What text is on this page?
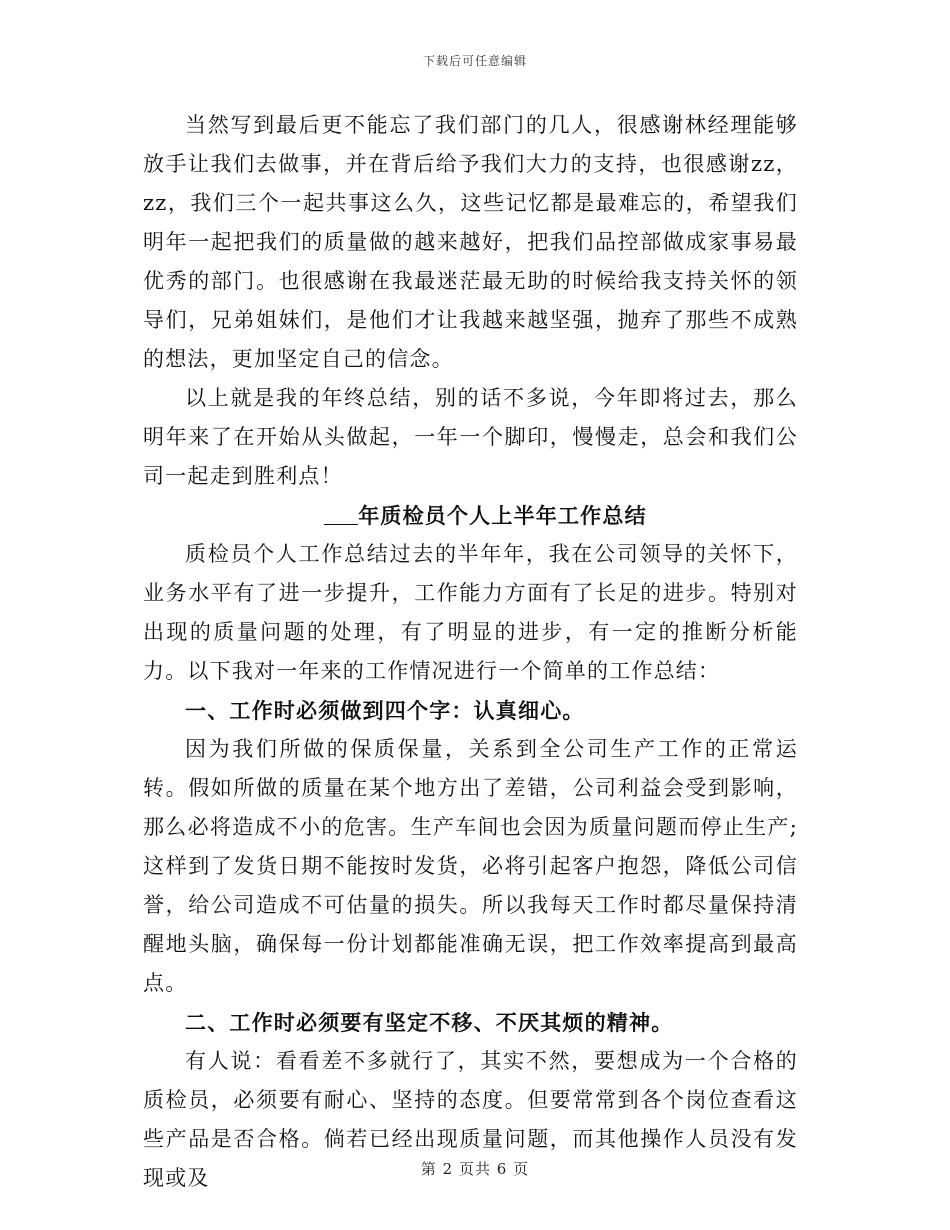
下载后可任意编辑

当然写到最后更不能忘了我们部门的几人，很感谢林经理能够放手让我们去做事，并在背后给予我们大力的支持，也很感谢zz，zz，我们三个一起共事这么久，这些记忆都是最难忘的，希望我们明年一起把我们的质量做的越来越好，把我们品控部做成家事易最优秀的部门。也很感谢在我最迷茫最无助的时候给我支持关怀的领导们，兄弟姐妹们，是他们才让我越来越坚强，抛弃了那些不成熟的想法，更加坚定自己的信念。

以上就是我的年终总结，别的话不多说，今年即将过去，那么明年来了在开始从头做起，一年一个脚印，慢慢走，总会和我们公司一起走到胜利点！

年质检员个人上半年工作总结

质检员个人工作总结过去的半年年，我在公司领导的关怀下，业务水平有了进一步提升，工作能力方面有了长足的进步。特别对出现的质量问题的处理，有了明显的进步，有一定的推断分析能力。以下我对一年来的工作情况进行一个简单的工作总结：

一、工作时必须做到四个字：认真细心。

因为我们所做的保质保量，关系到全公司生产工作的正常运转。假如所做的质量在某个地方出了差错，公司利益会受到影响，那么必将造成不小的危害。生产车间也会因为质量问题而停止生产;这样到了发货日期不能按时发货，必将引起客户抱怨，降低公司信誉，给公司造成不可估量的损失。所以我每天工作时都尽量保持清醒地头脑，确保每一份计划都能准确无误，把工作效率提高到最高点。

二、工作时必须要有坚定不移、不厌其烦的精神。

有人说：看看差不多就行了，其实不然，要想成为一个合格的质检员，必须要有耐心、坚持的态度。但要常常到各个岗位查看这些产品是否合格。倘若已经出现质量问题，而其他操作人员没有发现或及	第 2 页共 6 页
